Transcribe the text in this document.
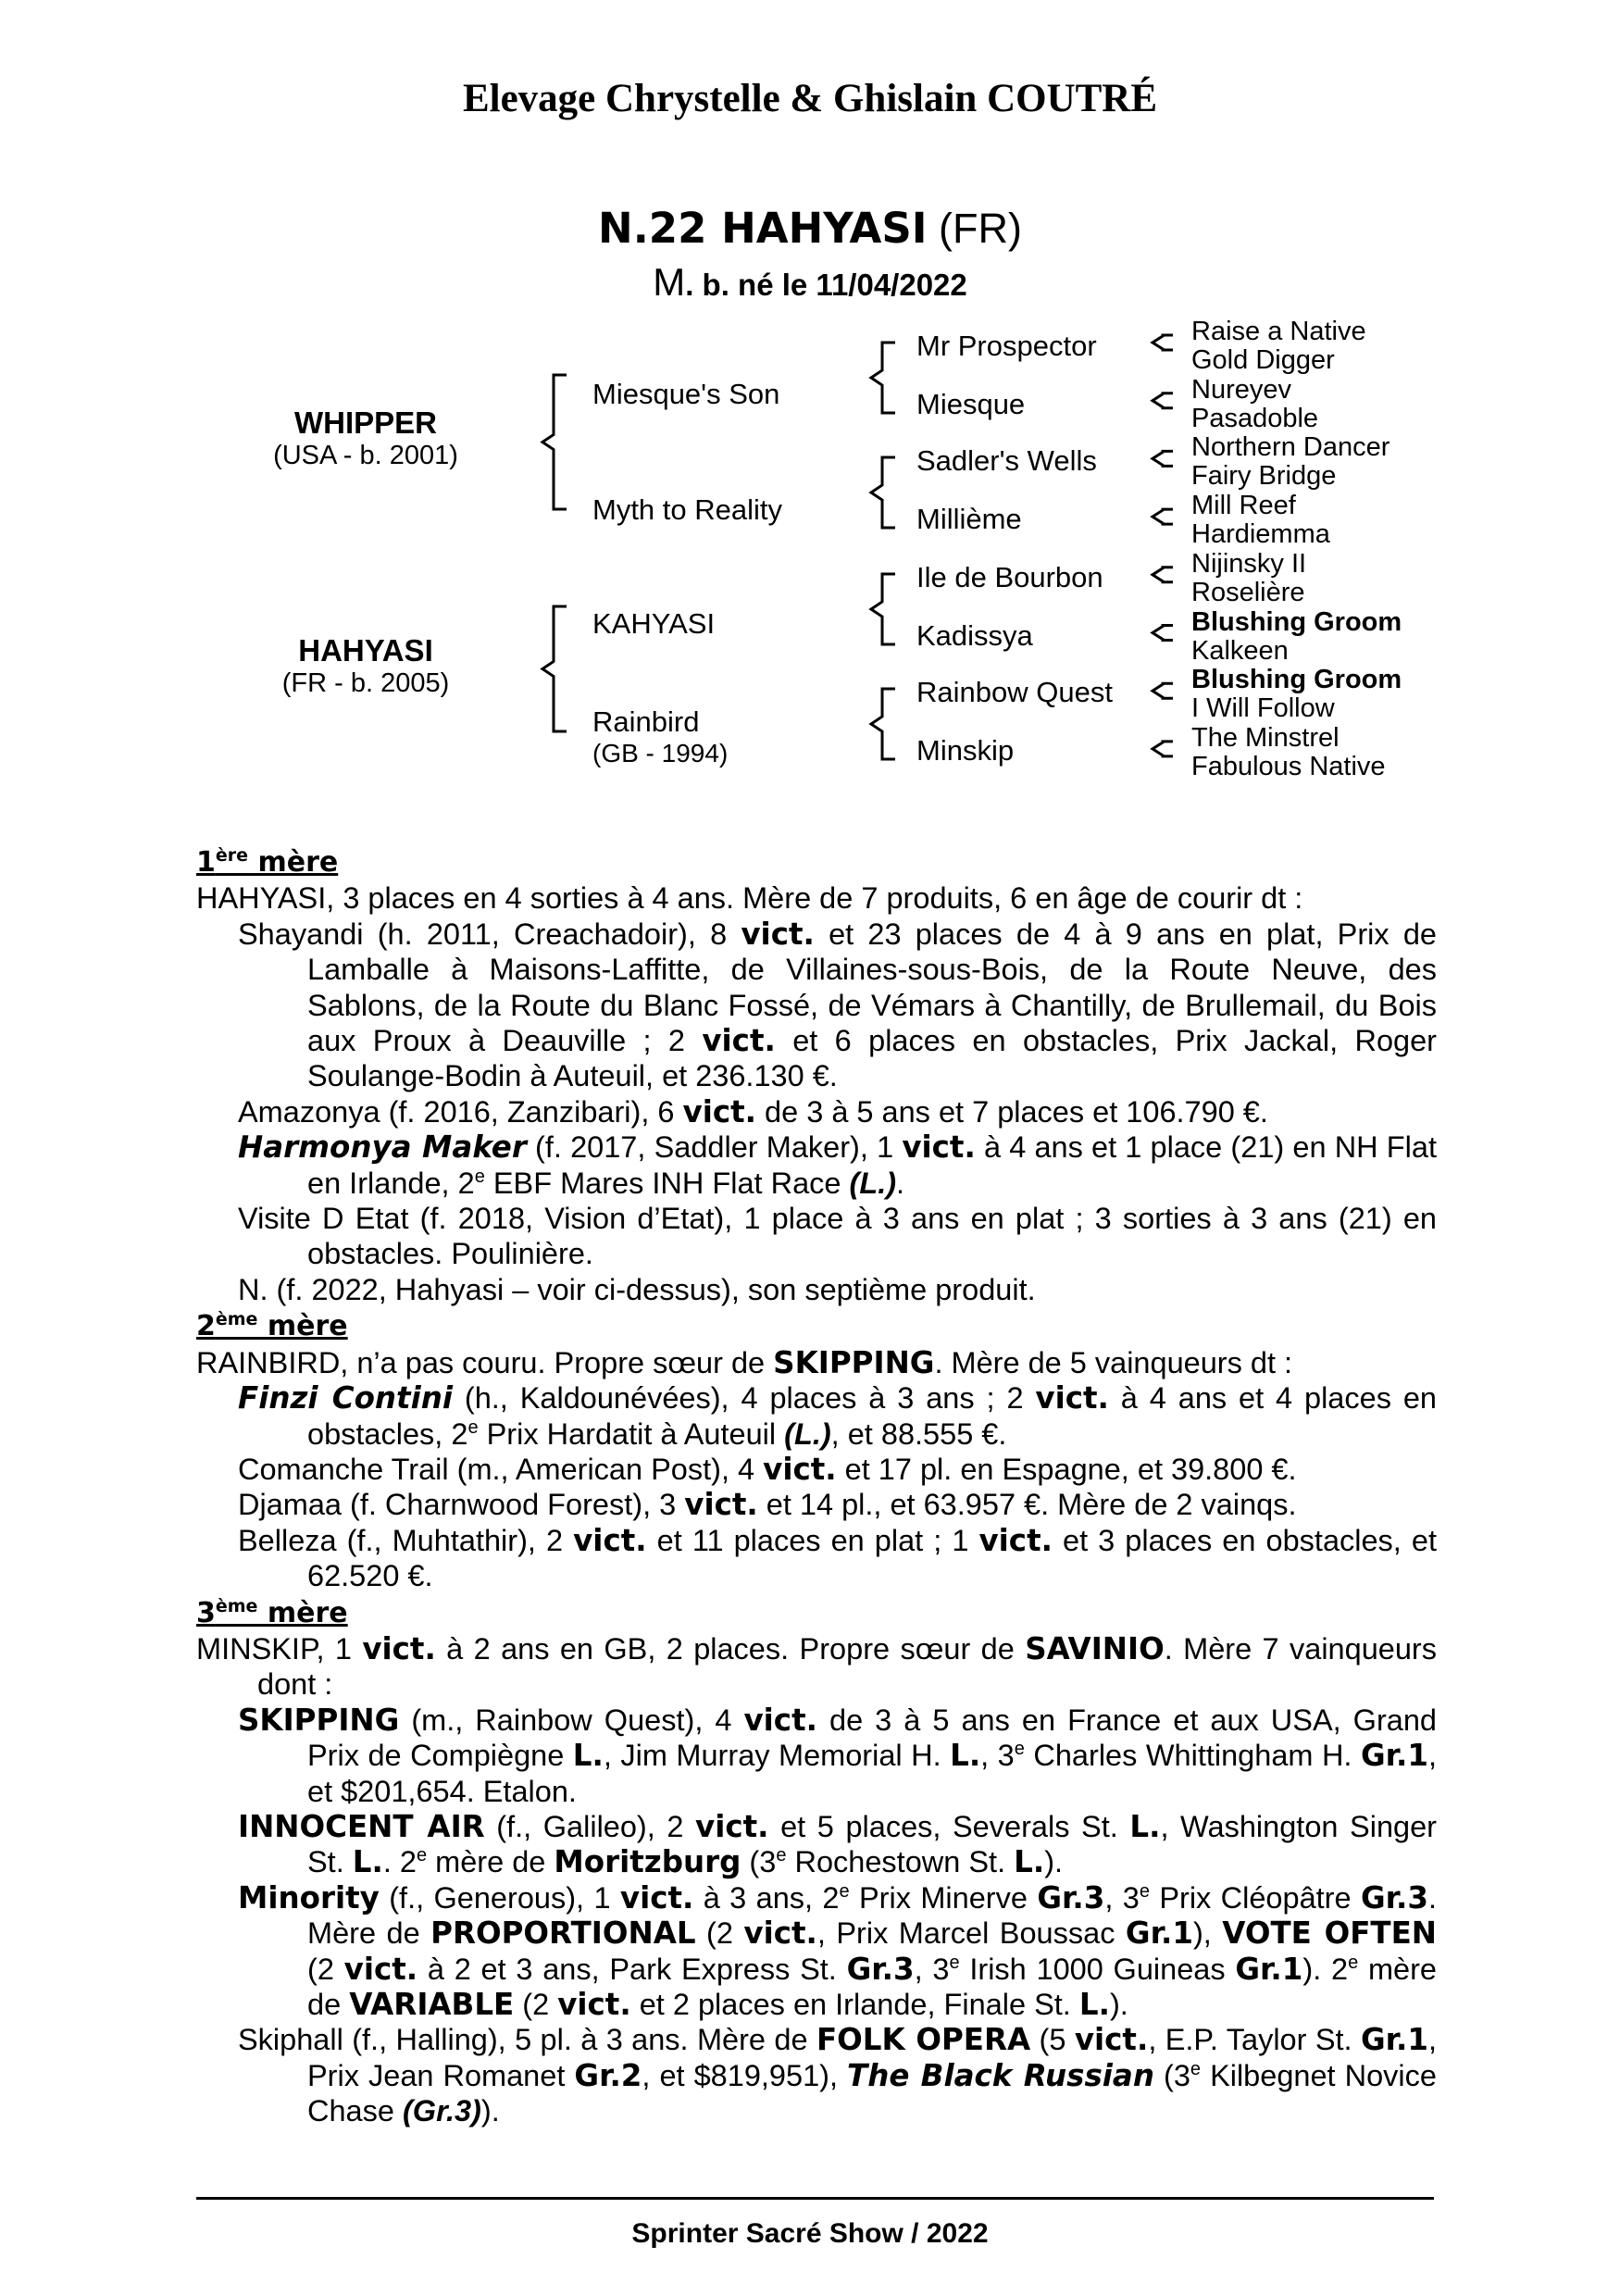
Elevage Chrystelle & Ghislain COUTRÉ
N.22 HAHYASI (FR)
M. b. né le 11/04/2022
WHIPPER
(USA - b. 2001)
HAHYASI
(FR - b. 2005)
Miesque's Son
Myth to Reality
KAHYASI
Rainbird
(GB - 1994)
Mr Prospector
Miesque
Sadler's Wells
Millième
Ile de Bourbon
Kadissya
Rainbow Quest
Minskip
Raise a Native
Gold Digger
Nureyev
Pasadoble
Northern Dancer
Fairy Bridge
Mill Reef
Hardiemma
Nijinsky II
Roselière
Blushing Groom
Kalkeen
Blushing Groom
I Will Follow
The Minstrel
Fabulous Native
1ère mère

HAHYASI, 3 places en 4 sorties à 4 ans. Mère de 7 produits, 6 en âge de courir dt :

Shayandi (h. 2011, Creachadoir), 8 vict. et 23 places de 4 à 9 ans en plat, Prix de Lamballe à Maisons-Laffitte, de Villaines-sous-Bois, de la Route Neuve, des Sablons, de la Route du Blanc Fossé, de Vémars à Chantilly, de Brullemail, du Bois aux Proux à Deauville ; 2 vict. et 6 places en obstacles, Prix Jackal, Roger Soulange-Bodin à Auteuil, et 236.130 €.

Amazonya (f. 2016, Zanzibari), 6 vict. de 3 à 5 ans et 7 places et 106.790 €.

Harmonya Maker (f. 2017, Saddler Maker), 1 vict. à 4 ans et 1 place (21) en NH Flat en Irlande, 2e EBF Mares INH Flat Race (L.).

Visite D Etat (f. 2018, Vision d’Etat), 1 place à 3 ans en plat ; 3 sorties à 3 ans (21) en obstacles. Poulinière.

N. (f. 2022, Hahyasi – voir ci-dessus), son septième produit.

2ème mère

RAINBIRD, n’a pas couru. Propre sœur de SKIPPING. Mère de 5 vainqueurs dt :

Finzi Contini (h., Kaldounévées), 4 places à 3 ans ; 2 vict. à 4 ans et 4 places en obstacles, 2e Prix Hardatit à Auteuil (L.), et 88.555 €.

Comanche Trail (m., American Post), 4 vict. et 17 pl. en Espagne, et 39.800 €.

Djamaa (f. Charnwood Forest), 3 vict. et 14 pl., et 63.957 €. Mère de 2 vainqs.

Belleza (f., Muhtathir), 2 vict. et 11 places en plat ; 1 vict. et 3 places en obstacles, et 62.520 €.

3ème mère

MINSKIP, 1 vict. à 2 ans en GB, 2 places. Propre sœur de SAVINIO. Mère 7 vainqueurs dont :

SKIPPING (m., Rainbow Quest), 4 vict. de 3 à 5 ans en France et aux USA, Grand Prix de Compiègne L., Jim Murray Memorial H. L., 3e Charles Whittingham H. Gr.1, et $201,654. Etalon.

INNOCENT AIR (f., Galileo), 2 vict. et 5 places, Severals St. L., Washington Singer St. L.. 2e mère de Moritzburg (3e Rochestown St. L.).

Minority (f., Generous), 1 vict. à 3 ans, 2e Prix Minerve Gr.3, 3e Prix Cléopâtre Gr.3. Mère de PROPORTIONAL (2 vict., Prix Marcel Boussac Gr.1), VOTE OFTEN (2 vict. à 2 et 3 ans, Park Express St. Gr.3, 3e Irish 1000 Guineas Gr.1). 2e mère de VARIABLE (2 vict. et 2 places en Irlande, Finale St. L.).

Skiphall (f., Halling), 5 pl. à 3 ans. Mère de FOLK OPERA (5 vict., E.P. Taylor St. Gr.1, Prix Jean Romanet Gr.2, et $819,951), The Black Russian (3e Kilbegnet Novice Chase (Gr.3)).

Sprinter Sacré Show / 2022
